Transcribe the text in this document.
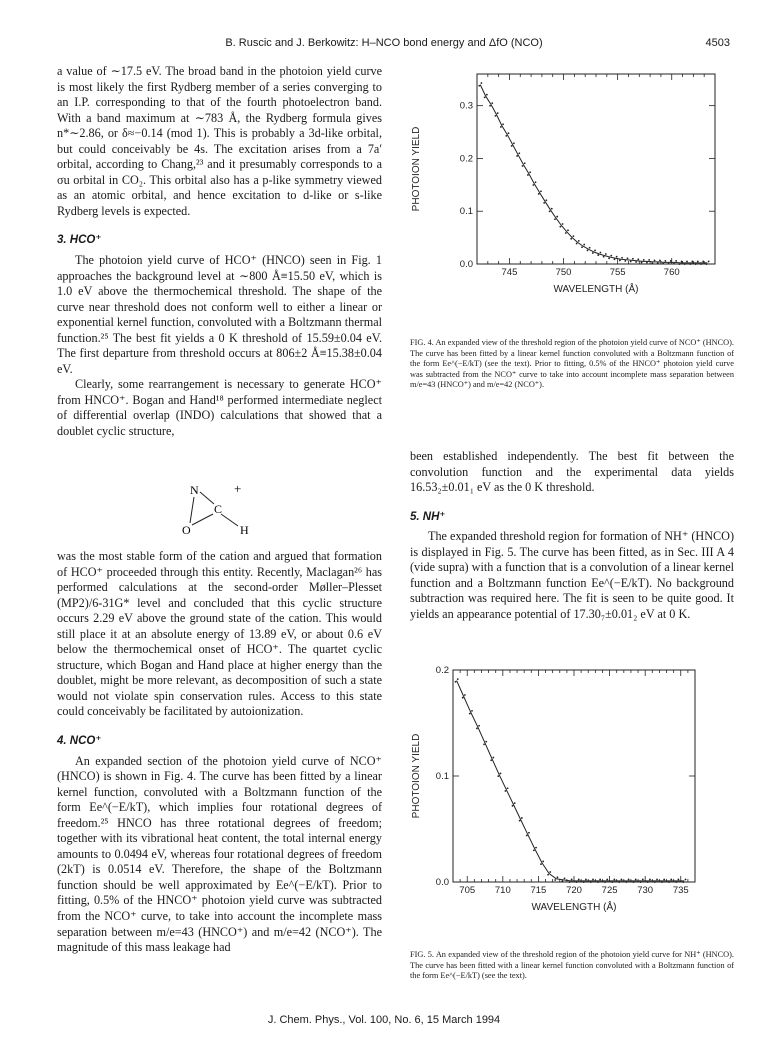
B. Ruscic and J. Berkowitz: H–NCO bond energy and ΔfO (NCO)	4503

a value of ∼17.5 eV. The broad band in the photoion yield curve is most likely the first Rydberg member of a series converging to an I.P. corresponding to that of the fourth photoelectron band. With a band maximum at ∼783 Å, the Rydberg formula gives n*∼2.86, or δ≈−0.14 (mod 1). This is probably a 3d-like orbital, but could conceivably be 4s. The excitation arises from a 7a′ orbital, according to Chang,²³ and it presumably corresponds to a σu orbital in CO₂. This orbital also has a p-like symmetry viewed as an atomic orbital, and hence excitation to d-like or s-like Rydberg levels is expected.

3. HCO⁺

The photoion yield curve of HCO⁺ (HNCO) seen in Fig. 1 approaches the background level at ∼800 Å≡15.50 eV, which is 1.0 eV above the thermochemical threshold. The shape of the curve near threshold does not conform well to either a linear or exponential kernel function, convoluted with a Boltzmann thermal function.²⁵ The best fit yields a 0 K threshold of 15.59±0.04 eV. The first departure from threshold occurs at 806±2 Å≡15.38±0.04 eV.

Clearly, some rearrangement is necessary to generate HCO⁺ from HNCO⁺. Bogan and Hand¹⁸ performed intermediate neglect of differential overlap (INDO) calculations that showed that a doublet cyclic structure,

N	+
C
O	H

was the most stable form of the cation and argued that formation of HCO⁺ proceeded through this entity. Recently, Maclagan²⁶ has performed calculations at the second-order Møller–Plesset (MP2)/6-31G* level and concluded that this cyclic structure occurs 2.29 eV above the ground state of the cation. This would still place it at an absolute energy of 13.89 eV, or about 0.6 eV below the thermochemical onset of HCO⁺. The quartet cyclic structure, which Bogan and Hand place at higher energy than the doublet, might be more relevant, as decomposition of such a state would not violate spin conservation rules. Access to this state could conceivably be facilitated by autoionization.

4. NCO⁺

An expanded section of the photoion yield curve of NCO⁺ (HNCO) is shown in Fig. 4. The curve has been fitted by a linear kernel function, convoluted with a Boltzmann function of the form Ee^(−E/kT), which implies four rotational degrees of freedom.²⁵ HNCO has three rotational degrees of freedom; together with its vibrational heat content, the total internal energy amounts to 0.0494 eV, whereas four rotational degrees of freedom (2kT) is 0.0514 eV. Therefore, the shape of the Boltzmann function should be well approximated by Ee^(−E/kT). Prior to fitting, 0.5% of the HNCO⁺ photoion yield curve was subtracted from the NCO⁺ curve, to take into account the incomplete mass separation between m/e=43 (HNCO⁺) and m/e=42 (NCO⁺). The magnitude of this mass leakage had

745	750	755	760
0.0
0.1
0.2
0.3
WAVELENGTH (Å)
PHOTOION YIELD
FIG. 4. An expanded view of the threshold region of the photoion yield curve of NCO⁺ (HNCO). The curve has been fitted by a linear kernel function convoluted with a Boltzmann function of the form Ee^(−E/kT) (see the text). Prior to fitting, 0.5% of the HNCO⁺ photoion yield curve was subtracted from the NCO⁺ curve to take into account incomplete mass separation between m/e=43 (HNCO⁺) and m/e=42 (NCO⁺).

been established independently. The best fit between the convolution function and the experimental data yields 16.53₂±0.01₁ eV as the 0 K threshold.

5. NH⁺

The expanded threshold region for formation of NH⁺ (HNCO) is displayed in Fig. 5. The curve has been fitted, as in Sec. III A 4 (vide supra) with a function that is a convolution of a linear kernel function and a Boltzmann function Ee^(−E/kT). No background subtraction was required here. The fit is seen to be quite good. It yields an appearance potential of 17.30₇±0.01₂ eV at 0 K.

705 710 715 720 725 730 735
0.0
0.1
0.2
WAVELENGTH (Å)
PHOTOION YIELD
FIG. 5. An expanded view of the threshold region of the photoion yield curve for NH⁺ (HNCO). The curve has been fitted with a linear kernel function convoluted with a Boltzmann function of the form Ee^(−E/kT) (see the text).
J. Chem. Phys., Vol. 100, No. 6, 15 March 1994
